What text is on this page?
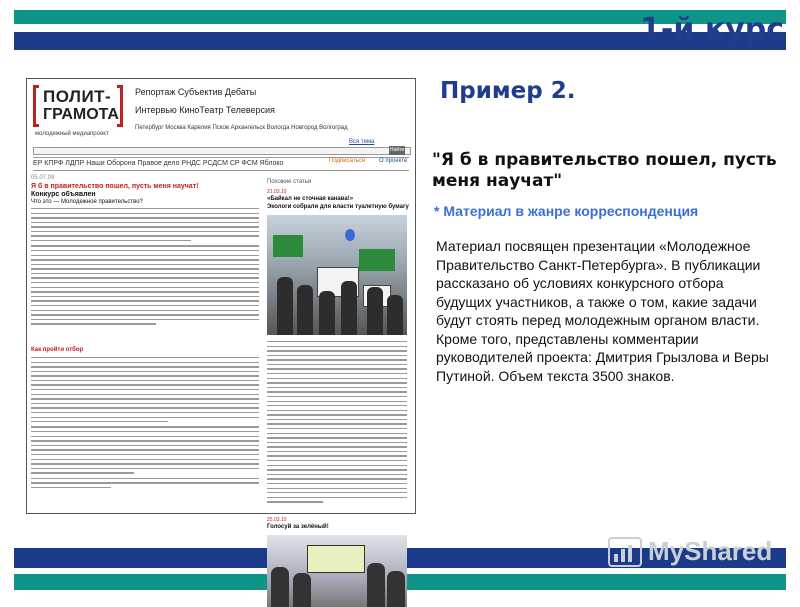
1-й курс
ПОЛИТ-
ГРАМОТА
молодежный медиапроект
Репортаж Субъектив Дебаты
Интервью КиноТеатр Телеверсия
Петербург Москва Карелия Псков Архангельск Вологда Новгород Волгоград
Вся тема
Найти
ЕР КПРФ ЛДПР Наши Оборона Правое дело РНДС РСДСМ СР ФСМ Яблоко	Подписаться О проекте
05.07.09
Я б в правительство пошел, пусть меня научат!
Конкурс объявлен
Что это — Молодежное правительство?
Как пройти отбор
Похожие статьи
21.03.10
«Байкал не сточная канава!»
Экологи собрали для власти туалетную бумагу
25.03.10
Голосуй за зелёный!
Пример 2.
"Я б в правительство пошел, пусть меня научат"
* Материал в жанре корреспонденция
Материал посвящен презентации «Молодежное Правительство Санкт-Петербурга». В публикации рассказано об условиях конкурсного отбора будущих участников, а также о том, какие задачи будут стоять перед молодежным органом власти. Кроме того, представлены комментарии руководителей проекта: Дмитрия Грызлова и Веры Путиной. Объем текста 3500 знаков.
MyShared
